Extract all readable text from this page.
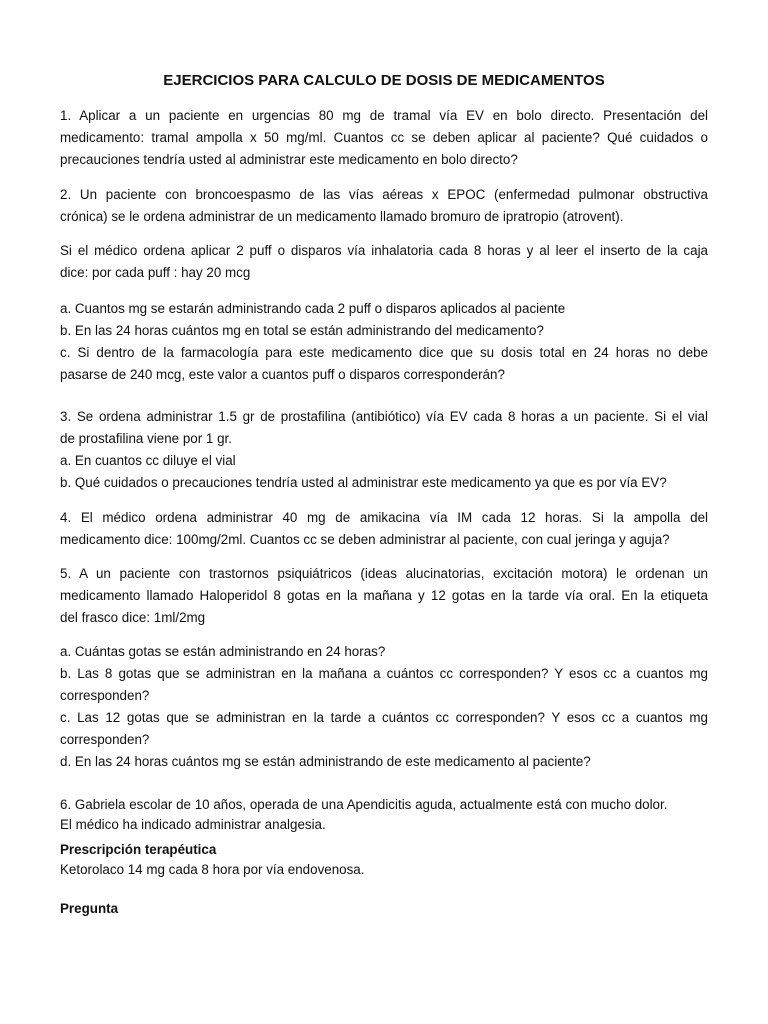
EJERCICIOS PARA CALCULO DE DOSIS DE MEDICAMENTOS
1. Aplicar a un paciente en urgencias 80 mg de tramal vía EV en bolo directo. Presentación del
medicamento: tramal ampolla x 50 mg/ml. Cuantos cc se deben aplicar al paciente? Qué cuidados o
precauciones tendría usted al administrar este medicamento en bolo directo?
2. Un paciente con broncoespasmo de las vías aéreas x EPOC (enfermedad pulmonar obstructiva
crónica) se le ordena administrar de un medicamento llamado bromuro de ipratropio (atrovent).
Si el médico ordena aplicar 2 puff o disparos vía inhalatoria cada 8 horas y al leer el inserto de la caja
dice: por cada puff : hay 20 mcg
a. Cuantos mg se estarán administrando cada 2 puff o disparos aplicados al paciente
b. En las 24 horas cuántos mg en total se están administrando del medicamento?
c. Si dentro de la farmacología para este medicamento dice que su dosis total en 24 horas no debe
pasarse de 240 mcg, este valor a cuantos puff o disparos corresponderán?
3. Se ordena administrar 1.5 gr de prostafilina (antibiótico) vía EV cada 8 horas a un paciente. Si el vial
de prostafilina viene por 1 gr.
a. En cuantos cc diluye el vial
b. Qué cuidados o precauciones tendría usted al administrar este medicamento ya que es por vía EV?
4. El médico ordena administrar 40 mg de amikacina vía IM cada 12 horas. Si la ampolla del
medicamento dice: 100mg/2ml. Cuantos cc se deben administrar al paciente, con cual jeringa y aguja?
5. A un paciente con trastornos psiquiátricos (ideas alucinatorias, excitación motora) le ordenan un
medicamento llamado Haloperidol 8 gotas en la mañana y 12 gotas en la tarde vía oral. En la etiqueta
del frasco dice: 1ml/2mg
a. Cuántas gotas se están administrando en 24 horas?
b. Las 8 gotas que se administran en la mañana a cuántos cc corresponden? Y esos cc a cuantos mg
corresponden?
c. Las 12 gotas que se administran en la tarde a cuántos cc corresponden? Y esos cc a cuantos mg
corresponden?
d. En las 24 horas cuántos mg se están administrando de este medicamento al paciente?
6. Gabriela escolar de 10 años, operada de una Apendicitis aguda, actualmente está con mucho dolor.
El médico ha indicado administrar analgesia.
Prescripción terapéutica
Ketorolaco 14 mg cada 8 hora por vía endovenosa.
Pregunta
